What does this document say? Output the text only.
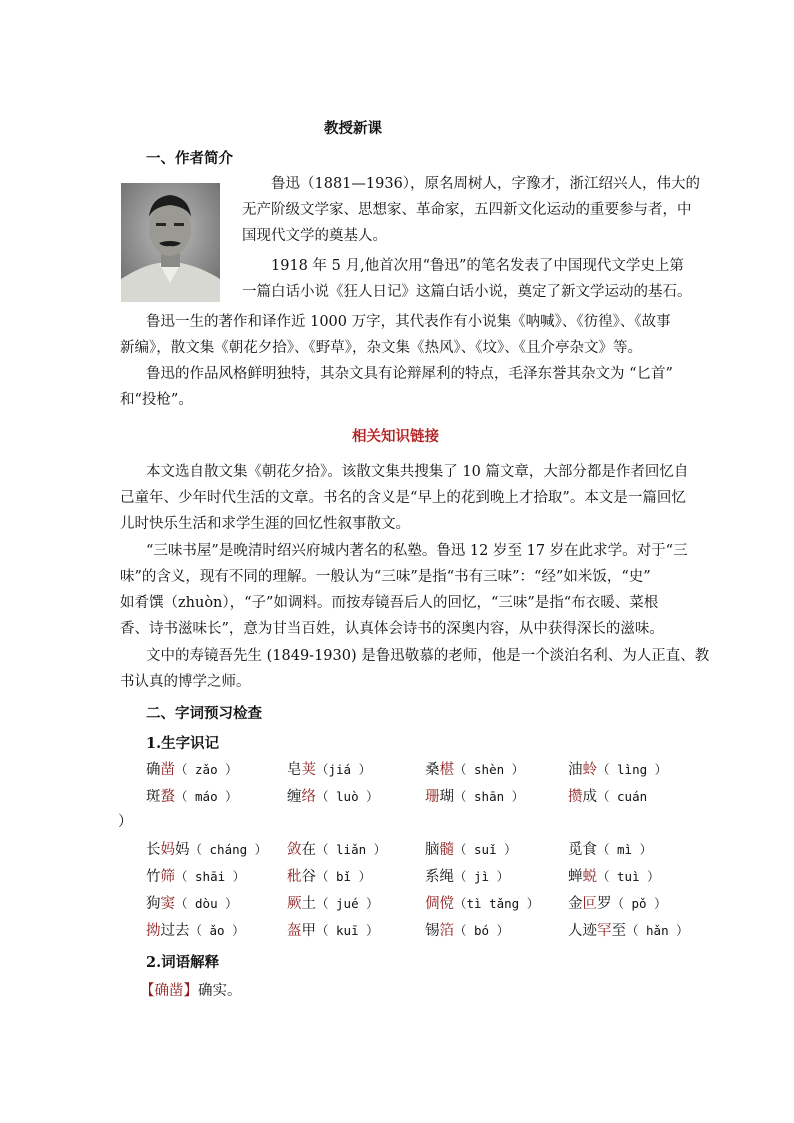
教授新课
一、作者简介
鲁迅（1881—1936），原名周树人，字豫才，浙江绍兴人，伟大的
无产阶级文学家、思想家、革命家，五四新文化运动的重要参与者，中
国现代文学的奠基人。
1918 年 5 月,他首次用“鲁迅”的笔名发表了中国现代文学史上第
一篇白话小说《狂人日记》这篇白话小说，奠定了新文学运动的基石。
鲁迅一生的著作和译作近 1000 万字，其代表作有小说集《呐喊》、《彷徨》、《故事
新编》，散文集《朝花夕拾》、《野草》，杂文集《热风》、《坟》、《且介亭杂文》等。
鲁迅的作品风格鲜明独特，其杂文具有论辩犀利的特点，毛泽东誉其杂文为 “匕首”
和“投枪”。
相关知识链接
本文选自散文集《朝花夕拾》。该散文集共搜集了 10 篇文章，大部分都是作者回忆自
己童年、少年时代生活的文章。书名的含义是“早上的花到晚上才拾取”。本文是一篇回忆
儿时快乐生活和求学生涯的回忆性叙事散文。
“三味书屋”是晚清时绍兴府城内著名的私塾。鲁迅 12 岁至 17 岁在此求学。对于“三
味”的含义，现有不同的理解。一般认为“三味”是指“书有三味”：“经”如米饭，“史”
如肴馔（zhuòn），“子”如调料。而按寿镜吾后人的回忆，“三味”是指“布衣暖、菜根
香、诗书滋味长”，意为甘当百姓，认真体会诗书的深奥内容，从中获得深长的滋味。
文中的寿镜吾先生 (1849-1930) 是鲁迅敬慕的老师，他是一个淡泊名利、为人正直、教
书认真的博学之师。
二、字词预习检查
1.生字识记
确凿（ zǎo ）	皂荚（jiá ）	桑椹（ shèn ）	油蛉（ lìng ）
斑蝥（ máo ）	缠络（ luò ）	珊瑚（ shān ）	攒成（ cuán
长妈妈（ cháng ） 敛在（ liǎn ）	脑髓（ suǐ ）	觅食（ mì ）
竹筛（ shāi ）	秕谷（ bǐ ）	系绳（ jì ）	蝉蜕（ tuì ）
狗窦（ dòu ）	厥土（ jué ）	倜傥（tì tǎng ） 金叵罗（ pǒ ）
拗过去（ ǎo ）	盔甲（ kuī ）	锡箔（ bó ）	人迹罕至（ hǎn ）
）
2.词语解释
【确凿】确实。
